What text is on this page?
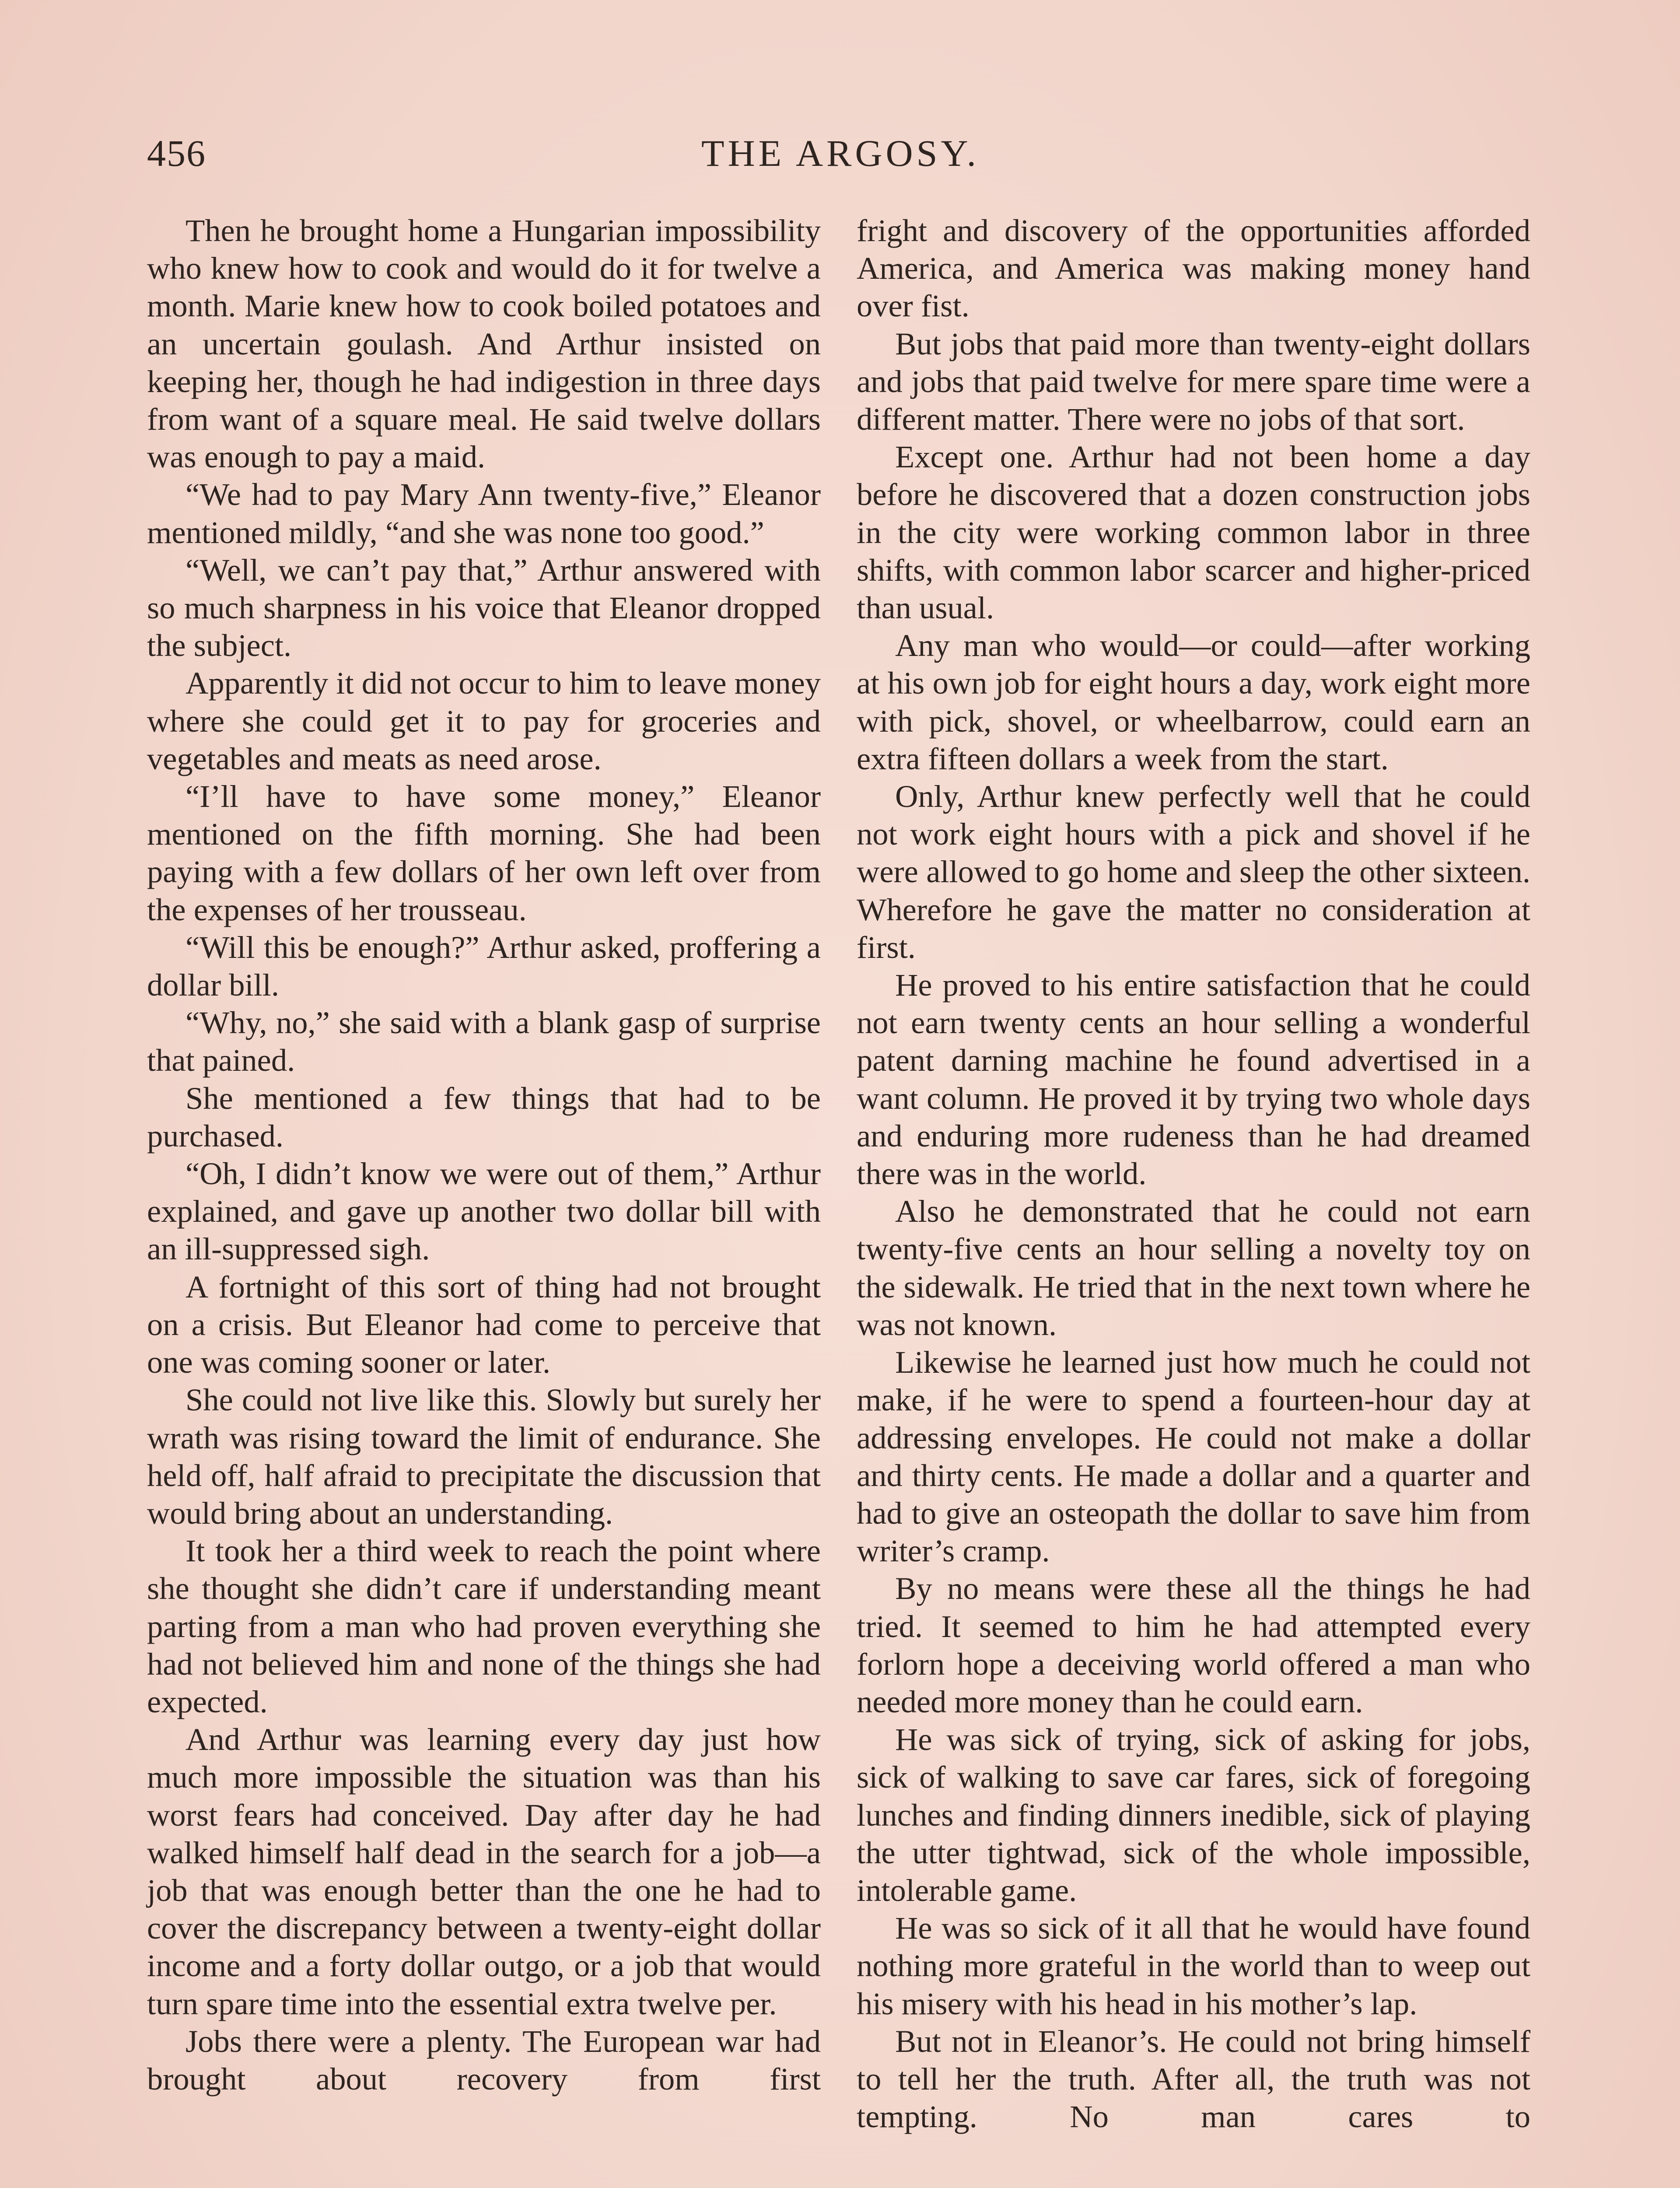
456	THE ARGOSY.

Then he brought home a Hungarian impossibility who knew how to cook and would do it for twelve a month. Marie knew how to cook boiled potatoes and an uncertain goulash. And Arthur insisted on keeping her, though he had indigestion in three days from want of a square meal. He said twelve dollars was enough to pay a maid.

“We had to pay Mary Ann twenty-five,” Eleanor mentioned mildly, “and she was none too good.”

“Well, we can’t pay that,” Arthur answered with so much sharpness in his voice that Eleanor dropped the subject.

Apparently it did not occur to him to leave money where she could get it to pay for groceries and vegetables and meats as need arose.

“I’ll have to have some money,” Eleanor mentioned on the fifth morning. She had been paying with a few dollars of her own left over from the expenses of her trousseau.

“Will this be enough?” Arthur asked, proffering a dollar bill.

“Why, no,” she said with a blank gasp of surprise that pained.

She mentioned a few things that had to be purchased.

“Oh, I didn’t know we were out of them,” Arthur explained, and gave up another two dollar bill with an ill-suppressed sigh.

A fortnight of this sort of thing had not brought on a crisis. But Eleanor had come to perceive that one was coming sooner or later.

She could not live like this. Slowly but surely her wrath was rising toward the limit of endurance. She held off, half afraid to precipitate the discussion that would bring about an understanding.

It took her a third week to reach the point where she thought she didn’t care if understanding meant parting from a man who had proven everything she had not believed him and none of the things she had expected.

And Arthur was learning every day just how much more impossible the situation was than his worst fears had conceived. Day after day he had walked himself half dead in the search for a job—a job that was enough better than the one he had to cover the discrepancy between a twenty-eight dollar income and a forty dollar outgo, or a job that would turn spare time into the essential extra twelve per.

Jobs there were a plenty. The European war had brought about recovery from first

fright and discovery of the opportunities afforded America, and America was making money hand over fist.

But jobs that paid more than twenty-eight dollars and jobs that paid twelve for mere spare time were a different matter. There were no jobs of that sort.

Except one. Arthur had not been home a day before he discovered that a dozen construction jobs in the city were working common labor in three shifts, with common labor scarcer and higher-priced than usual.

Any man who would—or could—after working at his own job for eight hours a day, work eight more with pick, shovel, or wheelbarrow, could earn an extra fifteen dollars a week from the start.

Only, Arthur knew perfectly well that he could not work eight hours with a pick and shovel if he were allowed to go home and sleep the other sixteen. Wherefore he gave the matter no consideration at first.

He proved to his entire satisfaction that he could not earn twenty cents an hour selling a wonderful patent darning machine he found advertised in a want column. He proved it by trying two whole days and enduring more rudeness than he had dreamed there was in the world.

Also he demonstrated that he could not earn twenty-five cents an hour selling a novelty toy on the sidewalk. He tried that in the next town where he was not known.

Likewise he learned just how much he could not make, if he were to spend a fourteen-hour day at addressing envelopes. He could not make a dollar and thirty cents. He made a dollar and a quarter and had to give an osteopath the dollar to save him from writer’s cramp.

By no means were these all the things he had tried. It seemed to him he had attempted every forlorn hope a deceiving world offered a man who needed more money than he could earn.

He was sick of trying, sick of asking for jobs, sick of walking to save car fares, sick of foregoing lunches and finding dinners inedible, sick of playing the utter tightwad, sick of the whole impossible, intolerable game.

He was so sick of it all that he would have found nothing more grateful in the world than to weep out his misery with his head in his mother’s lap.

But not in Eleanor’s. He could not bring himself to tell her the truth. After all, the truth was not tempting. No man cares to
